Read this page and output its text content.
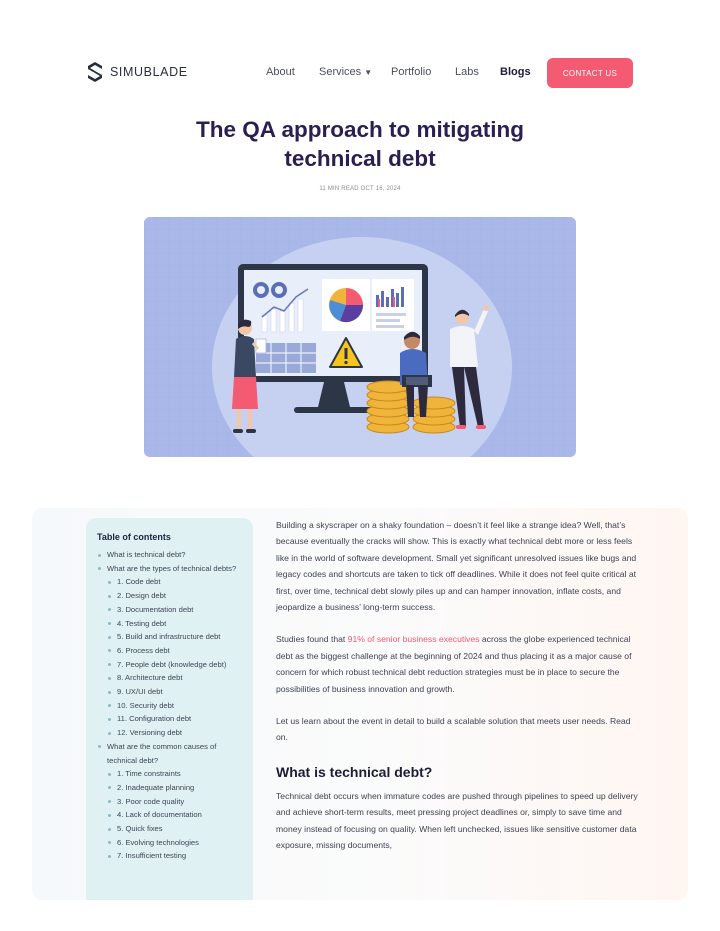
SIMUBLADE	About Services ▼ Portfolio Labs Blogs	CONTACT US
The QA approach to mitigating technical debt
11 MIN READ OCT 16, 2024
Table of contents
What is technical debt?
What are the types of technical debts?
1. Code debt
2. Design debt
3. Documentation debt
4. Testing debt
5. Build and infrastructure debt
6. Process debt
7. People debt (knowledge debt)
8. Architecture debt
9. UX/UI debt
10. Security debt
11. Configuration debt
12. Versioning debt
What are the common causes of technical debt?
1. Time constraints
2. Inadequate planning
3. Poor code quality
4. Lack of documentation
5. Quick fixes
6. Evolving technologies
7. Insufficient testing

Building a skyscraper on a shaky foundation – doesn’t it feel like a strange idea? Well, that’s because eventually the cracks will show. This is exactly what technical debt more or less feels like in the world of software development. Small yet significant unresolved issues like bugs and legacy codes and shortcuts are taken to tick off deadlines. While it does not feel quite critical at first, over time, technical debt slowly piles up and can hamper innovation, inflate costs, and jeopardize a business’ long-term success.

Studies found that 91% of senior business executives across the globe experienced technical debt as the biggest challenge at the beginning of 2024 and thus placing it as a major cause of concern for which robust technical debt reduction strategies must be in place to secure the possibilities of business innovation and growth.

Let us learn about the event in detail to build a scalable solution that meets user needs. Read on.

What is technical debt?

Technical debt occurs when immature codes are pushed through pipelines to speed up delivery and achieve short-term results, meet pressing project deadlines or, simply to save time and money instead of focusing on quality. When left unchecked, issues like sensitive customer data exposure, missing documents,
